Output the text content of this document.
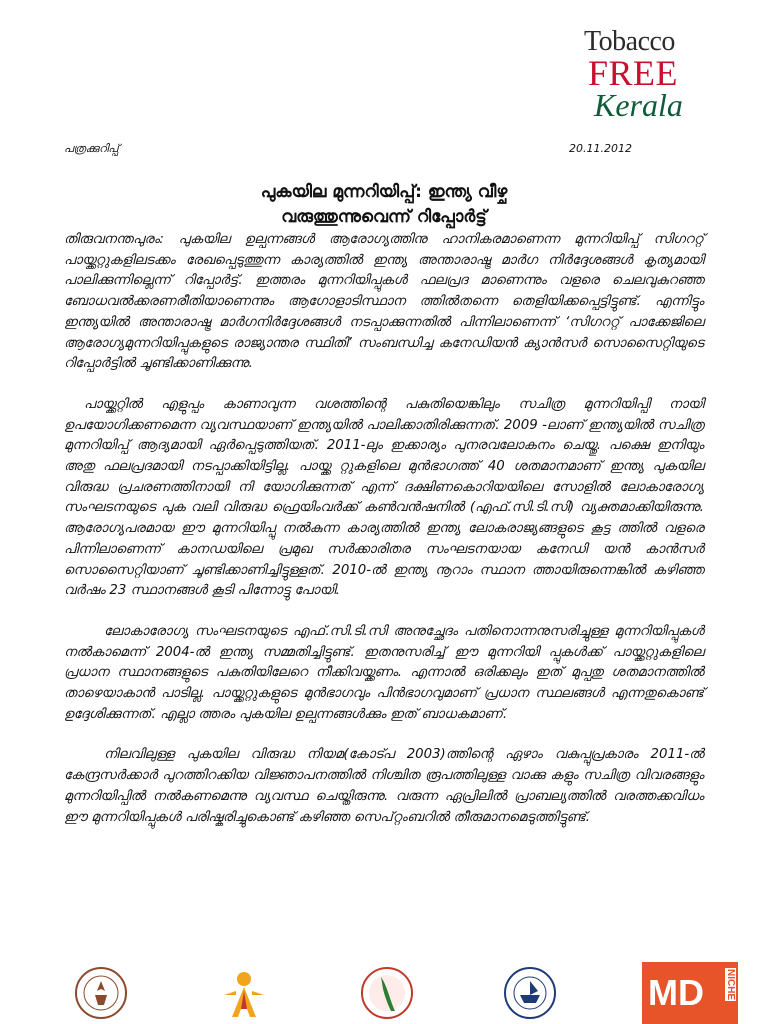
Tobacco
FREE
Kerala
പത്രക്കുറിപ്പ്	20.11.2012
പുകയില മുന്നറിയിപ്പ്: ഇന്ത്യ വീഴ്ച
വരുത്തുന്നുവെന്ന് റിപ്പോർട്ട്

തിരുവനന്തപുരം: പുകയില ഉല്പന്നങ്ങൾ ആരോഗ്യത്തിനു ഹാനികരമാണെന്ന മുന്നറിയിപ്പ് സിഗററ്റ് പായ്ക്കറ്റുകളിലടക്കം രേഖപ്പെടുത്തുന്ന കാര്യത്തിൽ ഇന്ത്യ അന്താരാഷ്ട്ര മാർഗ നിർദ്ദേശങ്ങൾ കൃത്യമായി പാലിക്കുന്നില്ലെന്ന് റിപ്പോർട്ട്. ഇത്തരം മുന്നറിയിപ്പുകൾ ഫലപ്രദ മാണെന്നും വളരെ ചെലവുകുറഞ്ഞ ബോധവൽക്കരണരീതിയാണെന്നും ആഗോളാടിസ്ഥാന ത്തിൽതന്നെ തെളിയിക്കപ്പെട്ടിട്ടുണ്ട്. എന്നിട്ടും ഇന്ത്യയിൽ അന്താരാഷ്ട്ര മാർഗനിർദ്ദേശങ്ങൾ നടപ്പാക്കുന്നതിൽ പിന്നിലാണെന്ന് ‘സിഗററ്റ് പാക്കേജിലെ ആരോഗ്യമുന്നറിയിപ്പുകളുടെ രാജ്യാന്തര സ്ഥിതി’ സംബന്ധിച്ച കനേഡിയൻ ക്യാൻസർ സൊസൈറ്റിയുടെ റിപ്പോർട്ടിൽ ചൂണ്ടിക്കാണിക്കുന്നു.

പായ്ക്കറ്റിൽ എളുപ്പം കാണാവുന്ന വശത്തിന്റെ പകുതിയെങ്കിലും സചിത്ര മുന്നറിയിപ്പി നായി ഉപയോഗിക്കണമെന്ന വ്യവസ്ഥയാണ് ഇന്ത്യയിൽ പാലിക്കാതിരിക്കുന്നത്. 2009 -ലാണ് ഇന്ത്യയിൽ സചിത്ര മുന്നറിയിപ്പ് ആദ്യമായി ഏർപ്പെടുത്തിയത്. 2011-ലും ഇക്കാര്യം പുനരവലോകനം ചെയ്തു. പക്ഷെ ഇനിയും അതു ഫലപ്രദമായി നടപ്പാക്കിയിട്ടില്ല. പായ്ക്ക റ്റുകളിലെ മുൻഭാഗത്ത് 40 ശതമാനമാണ് ഇന്ത്യ പുകയില വിരുദ്ധ പ്രചരണത്തിനായി നി യോഗിക്കുന്നത് എന്ന് ദക്ഷിണകൊറിയയിലെ സോളിൽ ലോകാരോഗ്യ സംഘടനയുടെ പുക വലി വിരുദ്ധ ഫ്രെയിംവർക്ക് കൺവൻഷനിൽ (എഫ്.സി.ടി.സി) വ്യക്തമാക്കിയിരുന്നു. ആരോഗ്യപരമായ ഈ മുന്നറിയിപ്പു നൽകുന്ന കാര്യത്തിൽ ഇന്ത്യ ലോകരാജ്യങ്ങളുടെ കൂട്ട ത്തിൽ വളരെ പിന്നിലാണെന്ന് കാനഡയിലെ പ്രമുഖ സർക്കാരിതര സംഘടനയായ കനേഡി യൻ കാൻസർ സൊസൈറ്റിയാണ് ചൂണ്ടിക്കാണിച്ചിട്ടുള്ളത്. 2010-ൽ ഇന്ത്യ നൂറാം സ്ഥാന ത്തായിരുന്നെങ്കിൽ കഴിഞ്ഞ വർഷം 23 സ്ഥാനങ്ങൾ കൂടി പിന്നോട്ടു പോയി.

ലോകാരോഗ്യ സംഘടനയുടെ എഫ്.സി.ടി.സി അനുച്ഛേദം പതിനൊന്നനുസരിച്ചുള്ള മുന്നറിയിപ്പുകൾ നൽകാമെന്ന് 2004-ൽ ഇന്ത്യ സമ്മതിച്ചിട്ടുണ്ട്. ഇതനുസരിച്ച് ഈ മുന്നറിയി പ്പുകൾക്ക് പായ്ക്കറ്റുകളിലെ പ്രധാന സ്ഥാനങ്ങളുടെ പകുതിയിലേറെ നീക്കിവയ്ക്കണം. എന്നാൽ ഒരിക്കലും ഇത് മുപ്പതു ശതമാനത്തിൽ താഴെയാകാൻ പാടില്ല. പായ്ക്കറ്റുകളുടെ മുൻഭാഗവും പിൻഭാഗവുമാണ് പ്രധാന സ്ഥലങ്ങൾ എന്നതുകൊണ്ട് ഉദ്ദേശിക്കുന്നത്. എല്ലാ ത്തരം പുകയില ഉല്പന്നങ്ങൾക്കും ഇത് ബാധകമാണ്.

നിലവിലുള്ള പുകയില വിരുദ്ധ നിയമ(കോട്പ 2003)ത്തിന്റെ ഏഴാം വകുപ്പുപ്രകാരം 2011-ൽ കേന്ദ്രസർക്കാർ പുറത്തിറക്കിയ വിജ്ഞാപനത്തിൽ നിശ്ചിത രൂപത്തിലുള്ള വാക്കു കളും സചിത്ര വിവരങ്ങളും മുന്നറിയിപ്പിൽ നൽകണമെന്നു വ്യവസ്ഥ ചെയ്തിരുന്നു. വരുന്ന ഏപ്രിലിൽ പ്രാബല്യത്തിൽ വരത്തക്കവിധം ഈ മുന്നറിയിപ്പുകൾ പരിഷ്കരിച്ചുകൊണ്ട് കഴിഞ്ഞ സെപ്റ്റംബറിൽ തീരുമാനമെടുത്തിട്ടുണ്ട്.

MD NICHE
